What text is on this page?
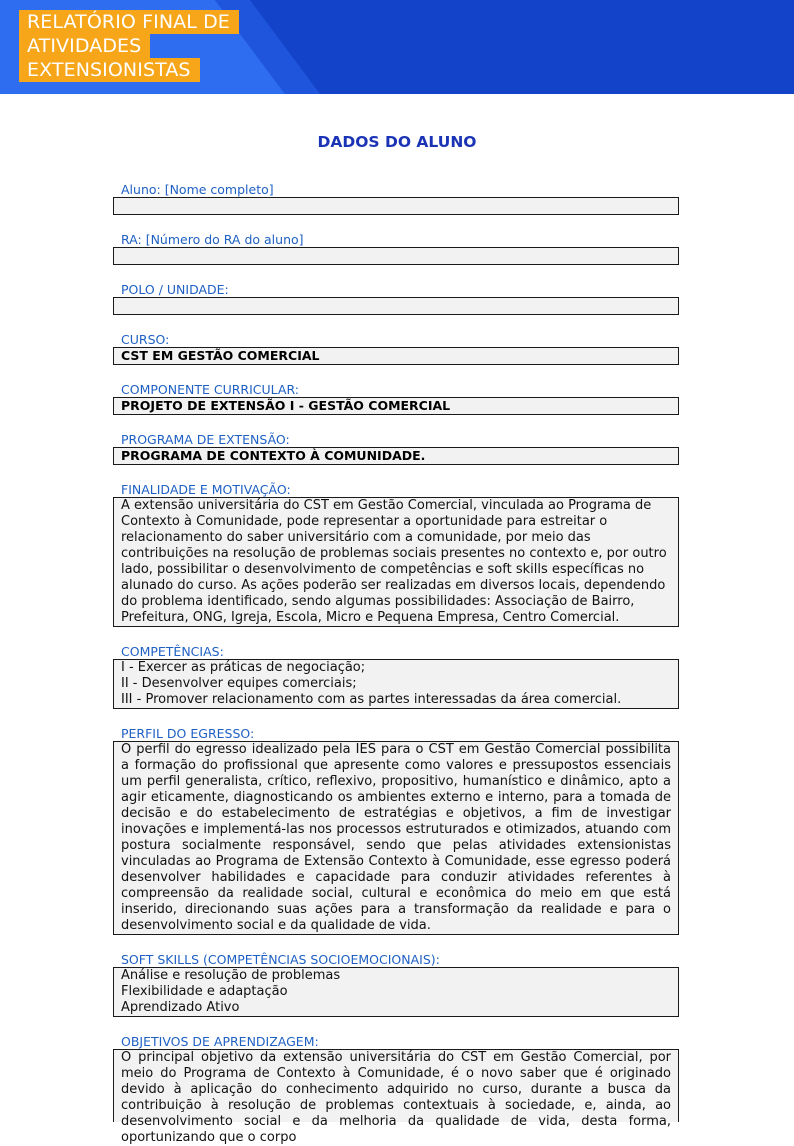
RELATÓRIO FINAL DE
ATIVIDADES
EXTENSIONISTAS
DADOS DO ALUNO
Aluno: [Nome completo]
RA: [Número do RA do aluno]
POLO / UNIDADE:
CURSO:
CST EM GESTÃO COMERCIAL
COMPONENTE CURRICULAR:
PROJETO DE EXTENSÃO I - GESTÃO COMERCIAL
PROGRAMA DE EXTENSÃO:
PROGRAMA DE CONTEXTO À COMUNIDADE.
FINALIDADE E MOTIVAÇÃO:
A extensão universitária do CST em Gestão Comercial, vinculada ao Programa de Contexto à Comunidade, pode representar a oportunidade para estreitar o relacionamento do saber universitário com a comunidade, por meio das contribuições na resolução de problemas sociais presentes no contexto e, por outro lado, possibilitar o desenvolvimento de competências e soft skills específicas no alunado do curso. As ações poderão ser realizadas em diversos locais, dependendo do problema identificado, sendo algumas possibilidades: Associação de Bairro, Prefeitura, ONG, Igreja, Escola, Micro e Pequena Empresa, Centro Comercial.
COMPETÊNCIAS:
I - Exercer as práticas de negociação;
II - Desenvolver equipes comerciais;
III - Promover relacionamento com as partes interessadas da área comercial.
PERFIL DO EGRESSO:
O perfil do egresso idealizado pela IES para o CST em Gestão Comercial possibilita a formação do profissional que apresente como valores e pressupostos essenciais um perfil generalista, crítico, reflexivo, propositivo, humanístico e dinâmico, apto a agir eticamente, diagnosticando os ambientes externo e interno, para a tomada de decisão e do estabelecimento de estratégias e objetivos, a fim de investigar inovações e implementá-las nos processos estruturados e otimizados, atuando com postura socialmente responsável, sendo que pelas atividades extensionistas vinculadas ao Programa de Extensão Contexto à Comunidade, esse egresso poderá desenvolver habilidades e capacidade para conduzir atividades referentes à compreensão da realidade social, cultural e econômica do meio em que está inserido, direcionando suas ações para a transformação da realidade e para o desenvolvimento social e da qualidade de vida.
SOFT SKILLS (COMPETÊNCIAS SOCIOEMOCIONAIS):
Análise e resolução de problemas
Flexibilidade e adaptação
Aprendizado Ativo
OBJETIVOS DE APRENDIZAGEM:
O principal objetivo da extensão universitária do CST em Gestão Comercial, por meio do Programa de Contexto à Comunidade, é o novo saber que é originado devido à aplicação do conhecimento adquirido no curso, durante a busca da contribuição à resolução de problemas contextuais à sociedade, e, ainda, ao desenvolvimento social e da melhoria da qualidade de vida, desta forma, oportunizando que o corpo
